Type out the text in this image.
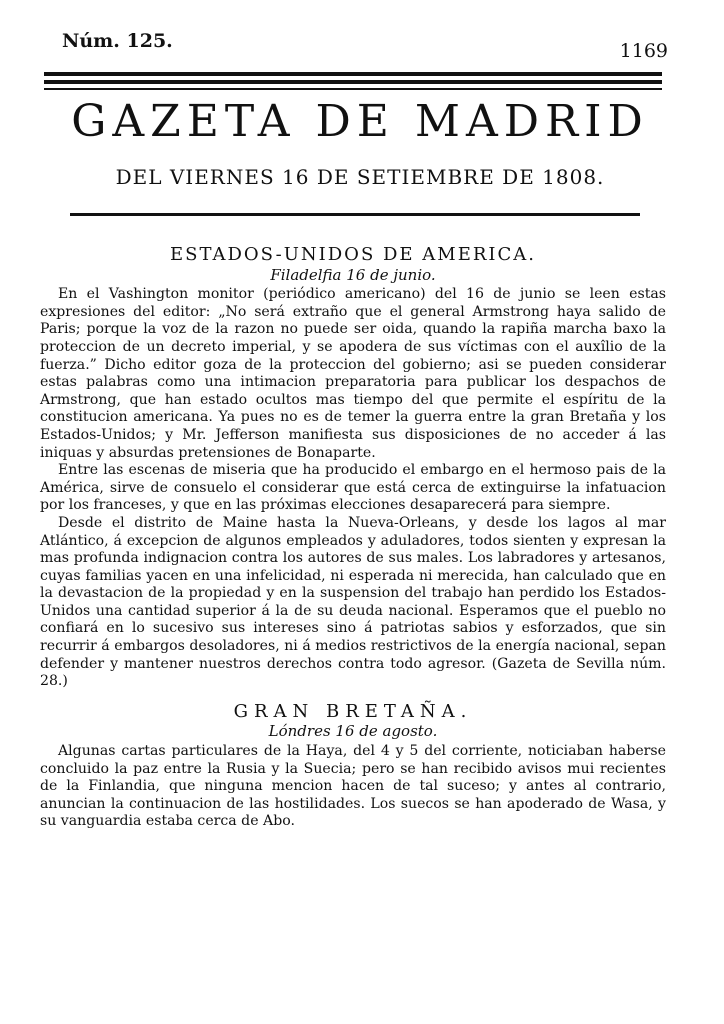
Núm. 125.	1169
GAZETA DE MADRID
DEL VIERNES 16 DE SETIEMBRE DE 1808.
ESTADOS-UNIDOS DE AMERICA.
Filadelfia 16 de junio.

En el Vashington monitor (periódico americano) del 16 de junio se leen estas expresiones del editor: „No será extraño que el general Armstrong haya salido de Paris; porque la voz de la razon no puede ser oida, quando la rapiña marcha baxo la proteccion de un decreto imperial, y se apodera de sus víctimas con el auxîlio de la fuerza.” Dicho editor goza de la proteccion del gobierno; asi se pueden considerar estas palabras como una intimacion preparatoria para publicar los despachos de Armstrong, que han estado ocultos mas tiempo del que permite el espíritu de la constitucion americana. Ya pues no es de temer la guerra entre la gran Bretaña y los Estados-Unidos; y Mr. Jefferson manifiesta sus disposiciones de no acceder á las iniquas y absurdas pretensiones de Bonaparte.

Entre las escenas de miseria que ha producido el embargo en el hermoso pais de la América, sirve de consuelo el considerar que está cerca de extinguirse la infatuacion por los franceses, y que en las próximas elecciones desaparecerá para siempre.

Desde el distrito de Maine hasta la Nueva-Orleans, y desde los lagos al mar Atlántico, á excepcion de algunos empleados y aduladores, todos sienten y expresan la mas profunda indignacion contra los autores de sus males. Los labradores y artesanos, cuyas familias yacen en una infelicidad, ni esperada ni merecida, han calculado que en la devastacion de la propiedad y en la suspension del trabajo han perdido los Estados-Unidos una cantidad superior á la de su deuda nacional. Esperamos que el pueblo no confiará en lo sucesivo sus intereses sino á patriotas sabios y esforzados, que sin recurrir á embargos desoladores, ni á medios restrictivos de la energía nacional, sepan defender y mantener nuestros derechos contra todo agresor. (Gazeta de Sevilla núm. 28.)

GRAN BRETAÑA.
Lóndres 16 de agosto.

Algunas cartas particulares de la Haya, del 4 y 5 del corriente, noticiaban haberse concluido la paz entre la Rusia y la Suecia; pero se han recibido avisos mui recientes de la Finlandia, que ninguna mencion hacen de tal suceso; y antes al contrario, anuncian la continuacion de las hostilidades. Los suecos se han apoderado de Wasa, y su vanguardia estaba cerca de Abo.
